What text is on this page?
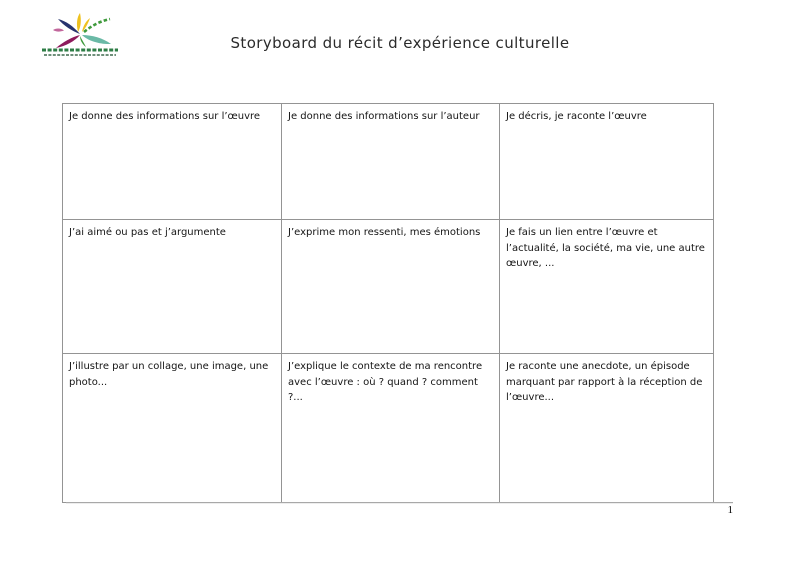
Storyboard du récit d’expérience culturelle
Je donne des informations sur l’œuvre	Je donne des informations sur l’auteur	Je décris, je raconte l’œuvre
J’ai aimé ou pas et j’argumente	J’exprime mon ressenti, mes émotions	Je fais un lien entre l’œuvre et l’actualité, la société, ma vie, une autre œuvre, ...
J’illustre par un collage, une image, une photo...	J’explique le contexte de ma rencontre avec l’œuvre : où ? quand ? comment ?...	Je raconte une anecdote, un épisode marquant par rapport à la réception de l’œuvre...
1
